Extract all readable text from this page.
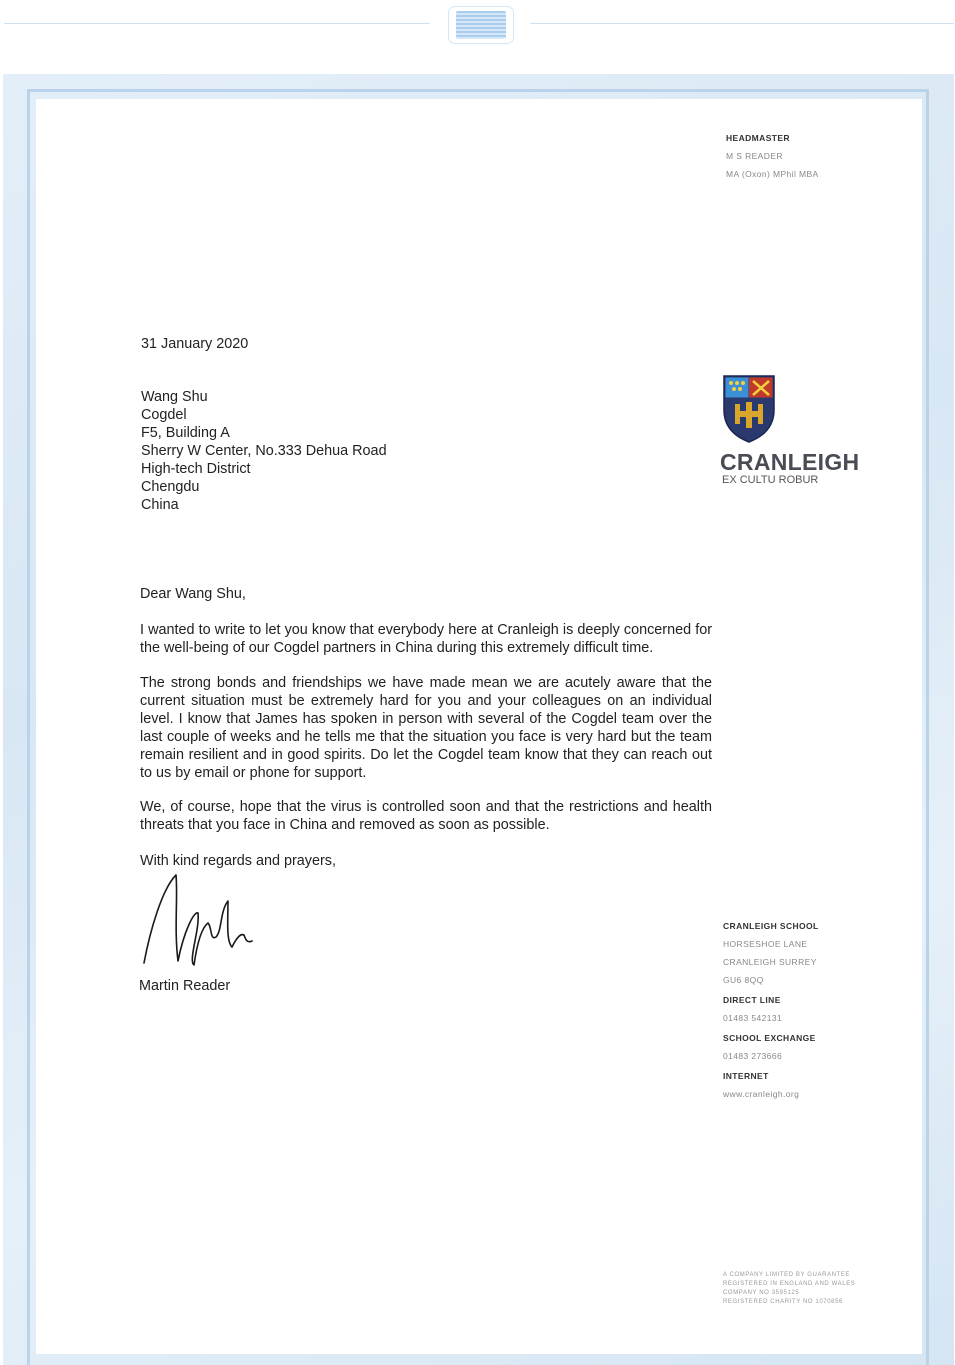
HEADMASTER
M S READER
MA (Oxon) MPhil MBA
31 January 2020
Wang Shu
Cogdel
F5, Building A
Sherry W Center, No.333 Dehua Road
High-tech District
Chengdu
China
CRANLEIGH
EX CULTU ROBUR
Dear Wang Shu,
I wanted to write to let you know that everybody here at Cranleigh is deeply concerned for the well-being of our Cogdel partners in China during this extremely difficult time.
The strong bonds and friendships we have made mean we are acutely aware that the current situation must be extremely hard for you and your colleagues on an individual level. I know that James has spoken in person with several of the Cogdel team over the last couple of weeks and he tells me that the situation you face is very hard but the team remain resilient and in good spirits. Do let the Cogdel team know that they can reach out to us by email or phone for support.
We, of course, hope that the virus is controlled soon and that the restrictions and health threats that you face in China and removed as soon as possible.
With kind regards and prayers,
Martin Reader
CRANLEIGH SCHOOL
HORSESHOE LANE
CRANLEIGH SURREY
GU6 8QQ
DIRECT LINE
01483 542131
SCHOOL EXCHANGE
01483 273666
INTERNET
www.cranleigh.org
A COMPANY LIMITED BY GUARANTEE
REGISTERED IN ENGLAND AND WALES
COMPANY NO 3595125
REGISTERED CHARITY NO 1070856
